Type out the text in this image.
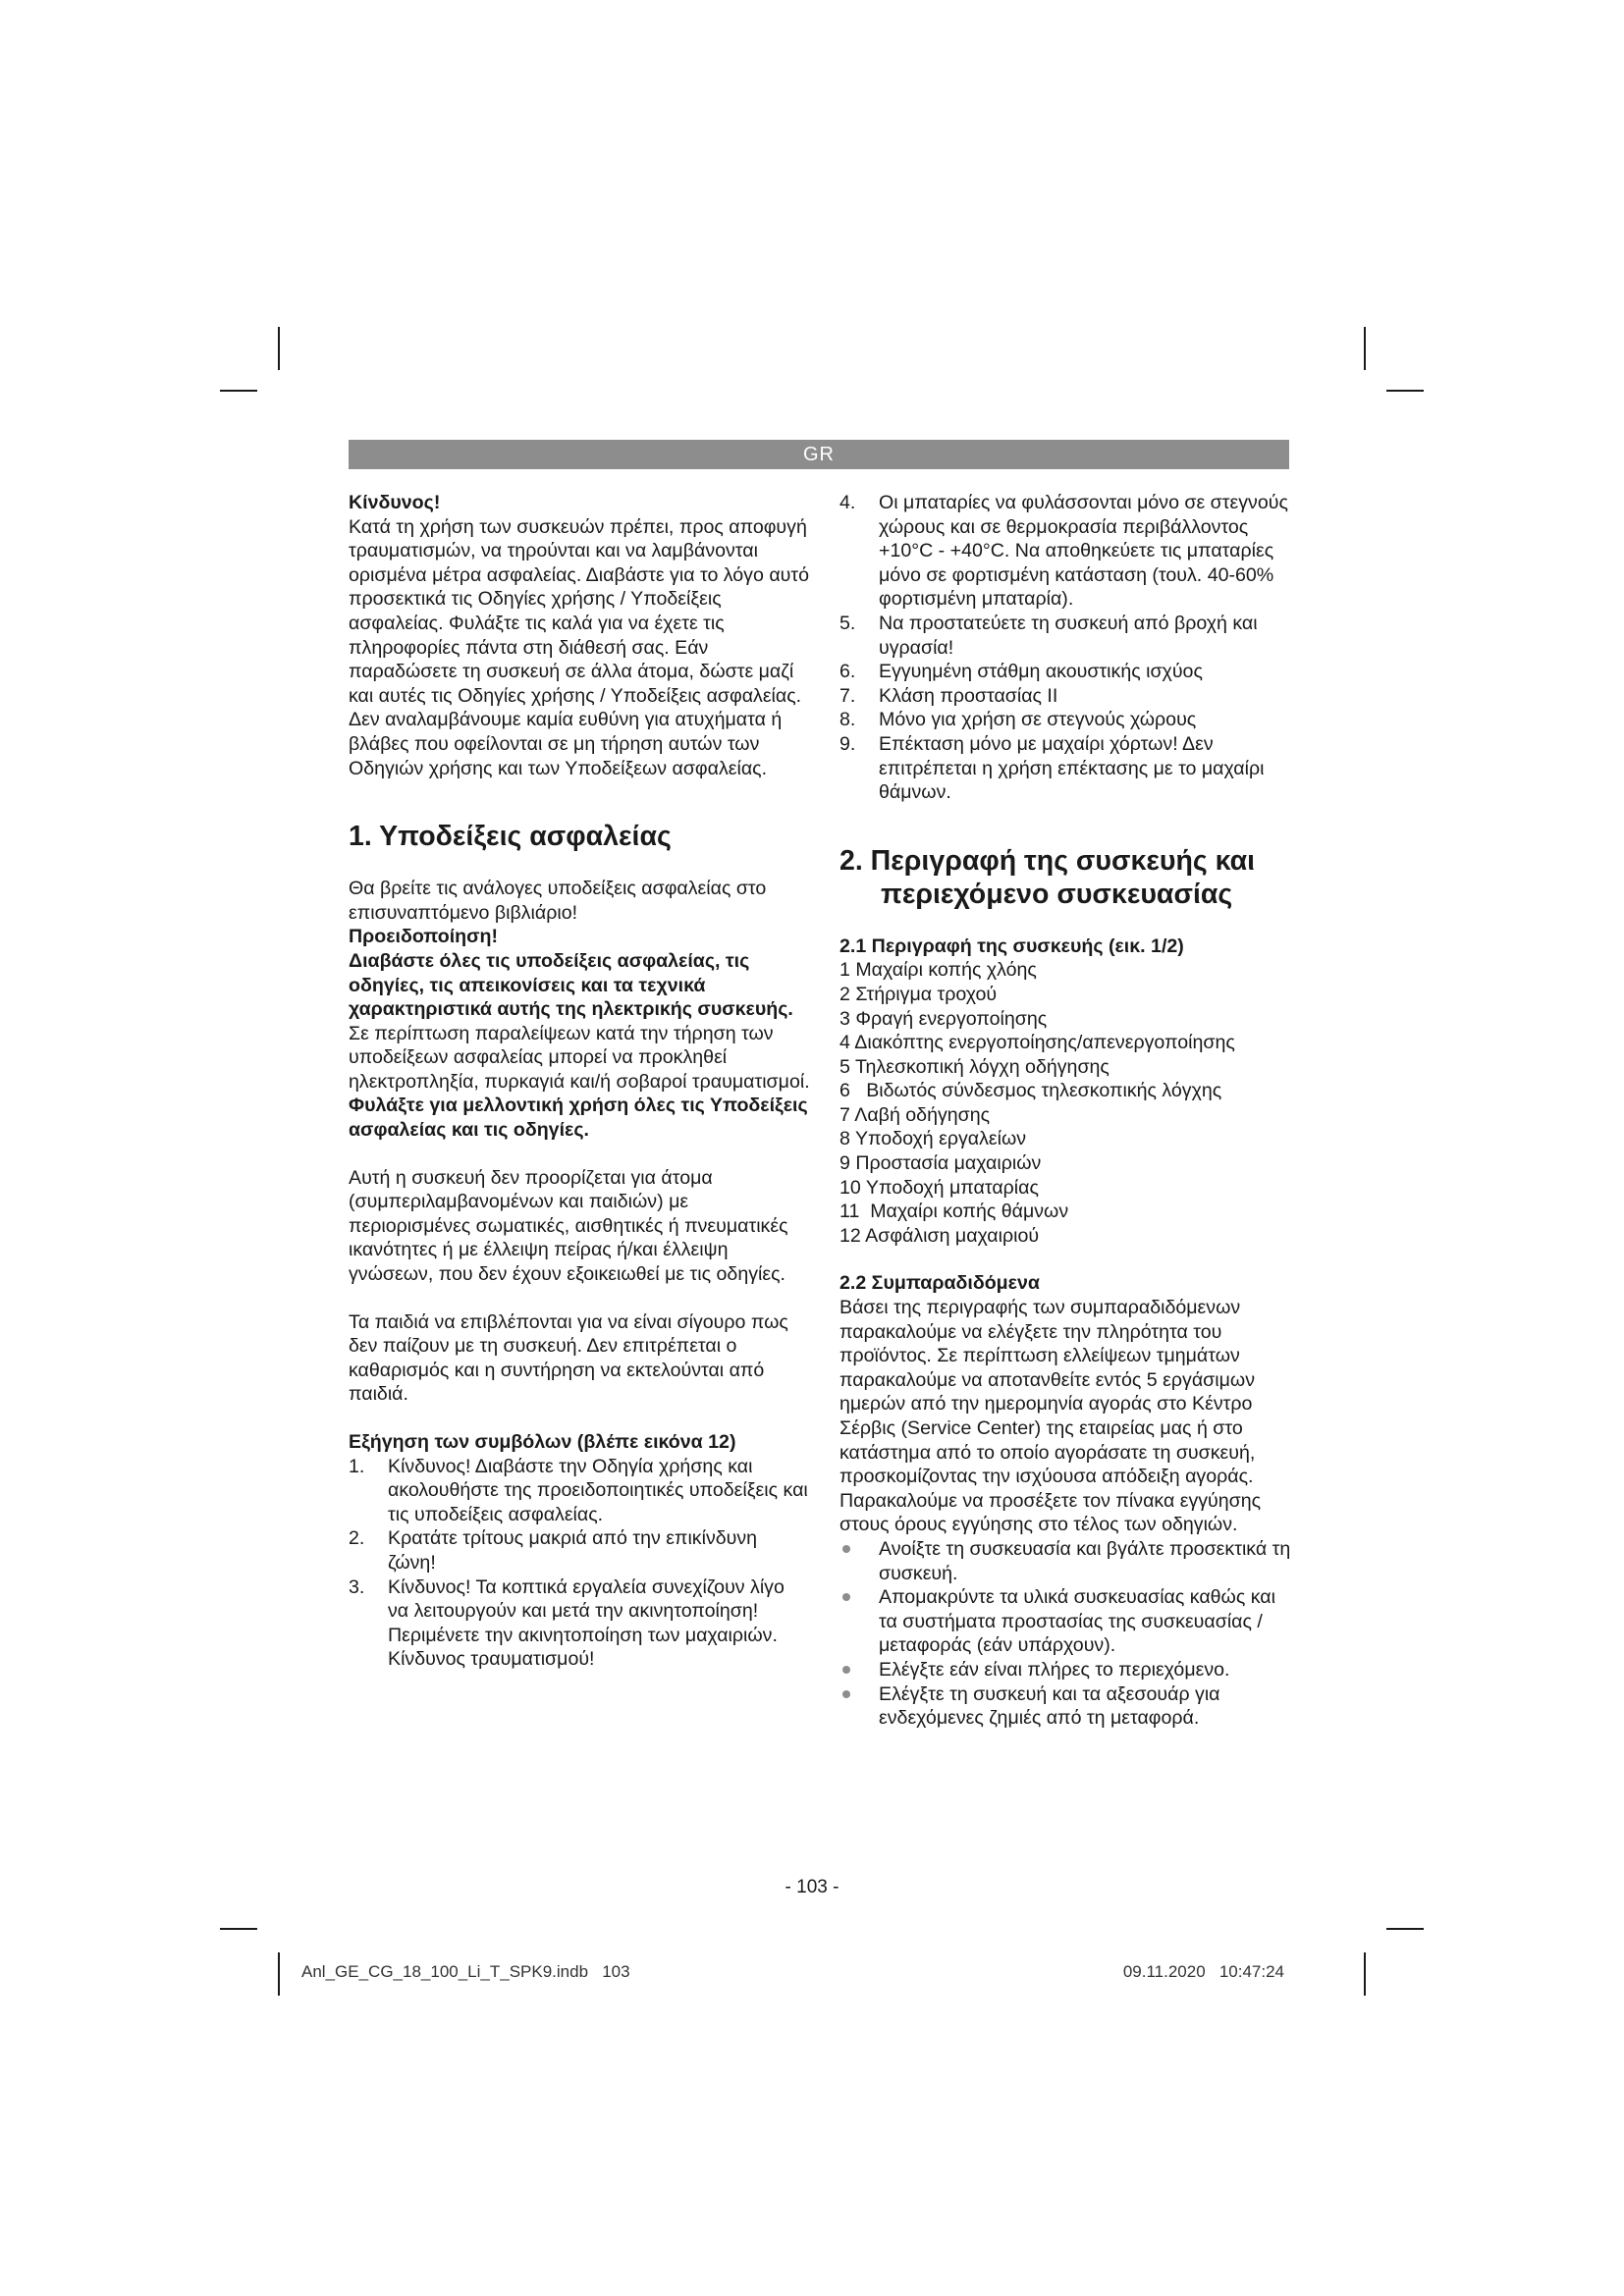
GR

Κίνδυνος!

Κατά τη χρήση των συσκευών πρέπει, προς αποφυγή τραυματισμών, να τηρούνται και να λαμβάνονται ορισμένα μέτρα ασφαλείας. Διαβάστε για το λόγο αυτό προσεκτικά τις Οδηγίες χρήσης / Υποδείξεις ασφαλείας. Φυλάξτε τις καλά για να έχετε τις πληροφορίες πάντα στη διάθεσή σας. Εάν παραδώσετε τη συσκευή σε άλλα άτομα, δώστε μαζί και αυτές τις Οδηγίες χρήσης / Υποδείξεις ασφαλείας. Δεν αναλαμβάνουμε καμία ευθύνη για ατυχήματα ή βλάβες που οφείλονται σε μη τήρηση αυτών των Οδηγιών χρήσης και των Υποδείξεων ασφαλείας.

1. Υποδείξεις ασφαλείας

Θα βρείτε τις ανάλογες υποδείξεις ασφαλείας στο επισυναπτόμενο βιβλιάριο!

Προειδοποίηση!

Διαβάστε όλες τις υποδείξεις ασφαλείας, τις οδηγίες, τις απεικονίσεις και τα τεχνικά χαρακτηριστικά αυτής της ηλεκτρικής συσκευής. Σε περίπτωση παραλείψεων κατά την τήρηση των υποδείξεων ασφαλείας μπορεί να προκληθεί ηλεκτροπληξία, πυρκαγιά και/ή σοβαροί τραυματισμοί.

Φυλάξτε για μελλοντική χρήση όλες τις Υποδείξεις ασφαλείας και τις οδηγίες.

Αυτή η συσκευή δεν προορίζεται για άτομα (συμπεριλαμβανομένων και παιδιών) με περιορισμένες σωματικές, αισθητικές ή πνευματικές ικανότητες ή με έλλειψη πείρας ή/και έλλειψη γνώσεων, που δεν έχουν εξοικειωθεί με τις οδηγίες.

Τα παιδιά να επιβλέπονται για να είναι σίγουρο πως δεν παίζουν με τη συσκευή. Δεν επιτρέπεται ο καθαρισμός και η συντήρηση να εκτελούνται από παιδιά.

Εξήγηση των συμβόλων (βλέπε εικόνα 12)
1. Κίνδυνος! Διαβάστε την Οδηγία χρήσης και ακολουθήστε της προειδοποιητικές υποδείξεις και τις υποδείξεις ασφαλείας.
2. Κρατάτε τρίτους μακριά από την επικίνδυνη ζώνη!
3. Κίνδυνος! Τα κοπτικά εργαλεία συνεχίζουν λίγο να λειτουργούν και μετά την ακινητοποίηση! Περιμένετε την ακινητοποίηση των μαχαιριών. Κίνδυνος τραυματισμού!
4. Οι μπαταρίες να φυλάσσονται μόνο σε στεγνούς χώρους και σε θερμοκρασία περιβάλλοντος +10°C - +40°C. Να αποθηκεύετε τις μπαταρίες μόνο σε φορτισμένη κατάσταση (τουλ. 40-60% φορτισμένη μπαταρία).
5. Να προστατεύετε τη συσκευή από βροχή και υγρασία!
6. Εγγυημένη στάθμη ακουστικής ισχύος
7. Κλάση προστασίας II
8. Μόνο για χρήση σε στεγνούς χώρους
9. Επέκταση μόνο με μαχαίρι χόρτων! Δεν επιτρέπεται η χρήση επέκτασης με το μαχαίρι θάμνων.
2. Περιγραφή της συσκευής και περιεχόμενο συσκευασίας
2.1 Περιγραφή της συσκευής (εικ. 1/2)
1 Μαχαίρι κοπής χλόης
2 Στήριγμα τροχού
3 Φραγή ενεργοποίησης
4 Διακόπτης ενεργοποίησης/απενεργοποίησης
5 Τηλεσκοπική λόγχη οδήγησης
6   Βιδωτός σύνδεσμος τηλεσκοπικής λόγχης
7 Λαβή οδήγησης
8 Υποδοχή εργαλείων
9 Προστασία μαχαιριών
10 Υποδοχή μπαταρίας
11  Μαχαίρι κοπής θάμνων
12 Ασφάλιση μαχαιριού
2.2 Συμπαραδιδόμενα

Βάσει της περιγραφής των συμπαραδιδόμενων παρακαλούμε να ελέγξετε την πληρότητα του προϊόντος. Σε περίπτωση ελλείψεων τμημάτων παρακαλούμε να αποτανθείτε εντός 5 εργάσιμων ημερών από την ημερομηνία αγοράς στο Κέντρο Σέρβις (Service Center) της εταιρείας μας ή στο κατάστημα από το οποίο αγοράσατε τη συσκευή, προσκομίζοντας την ισχύουσα απόδειξη αγοράς. Παρακαλούμε να προσέξετε τον πίνακα εγγύησης στους όρους εγγύησης στο τέλος των οδηγιών.

Ανοίξτε τη συσκευασία και βγάλτε προσεκτικά τη συσκευή.
Απομακρύντε τα υλικά συσκευασίας καθώς και τα συστήματα προστασίας της συσκευασίας / μεταφοράς (εάν υπάρχουν).
Ελέγξτε εάν είναι πλήρες το περιεχόμενο.
Ελέγξτε τη συσκευή και τα αξεσουάρ για ενδεχόμενες ζημιές από τη μεταφορά.
- 103 -
Anl_GE_CG_18_100_Li_T_SPK9.indb   103	09.11.2020   10:47:24
